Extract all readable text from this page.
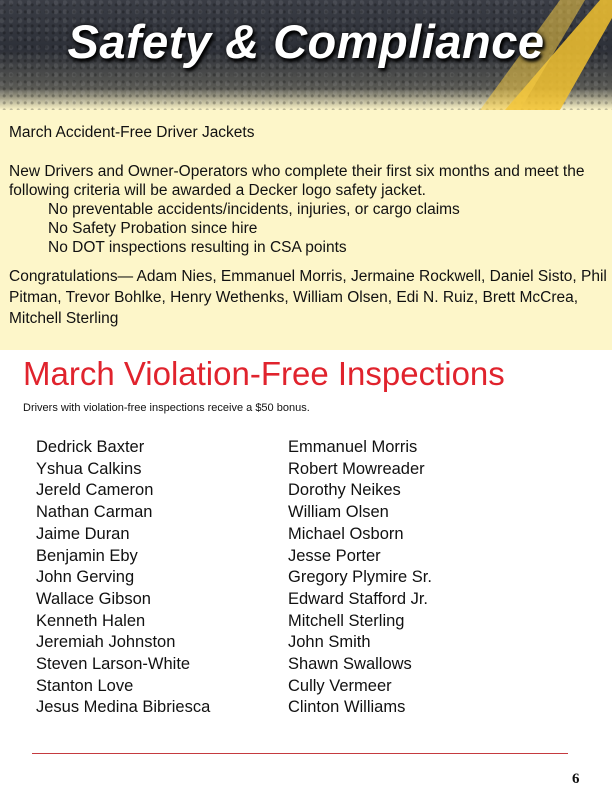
Safety & Compliance
March Accident-Free Driver Jackets
New Drivers and Owner-Operators who complete their first six months and meet the following criteria will be awarded a Decker logo safety jacket.
No preventable accidents/incidents, injuries, or cargo claims
No Safety Probation since hire
No DOT inspections resulting in CSA points
Congratulations— Adam Nies, Emmanuel Morris, Jermaine Rockwell, Daniel Sisto, Phil Pitman, Trevor Bohlke, Henry Wethenks, William Olsen, Edi N. Ruiz, Brett McCrea, Mitchell Sterling
March Violation-Free Inspections
Drivers with violation-free inspections receive a $50 bonus.
Dedrick Baxter
Yshua Calkins
Jereld Cameron
Nathan Carman
Jaime Duran
Benjamin Eby
John Gerving
Wallace Gibson
Kenneth Halen
Jeremiah Johnston
Steven Larson-White
Stanton Love
Jesus Medina Bibriesca
Emmanuel Morris
Robert Mowreader
Dorothy Neikes
William Olsen
Michael Osborn
Jesse Porter
Gregory Plymire Sr.
Edward Stafford Jr.
Mitchell Sterling
John Smith
Shawn Swallows
Cully Vermeer
Clinton Williams
6
